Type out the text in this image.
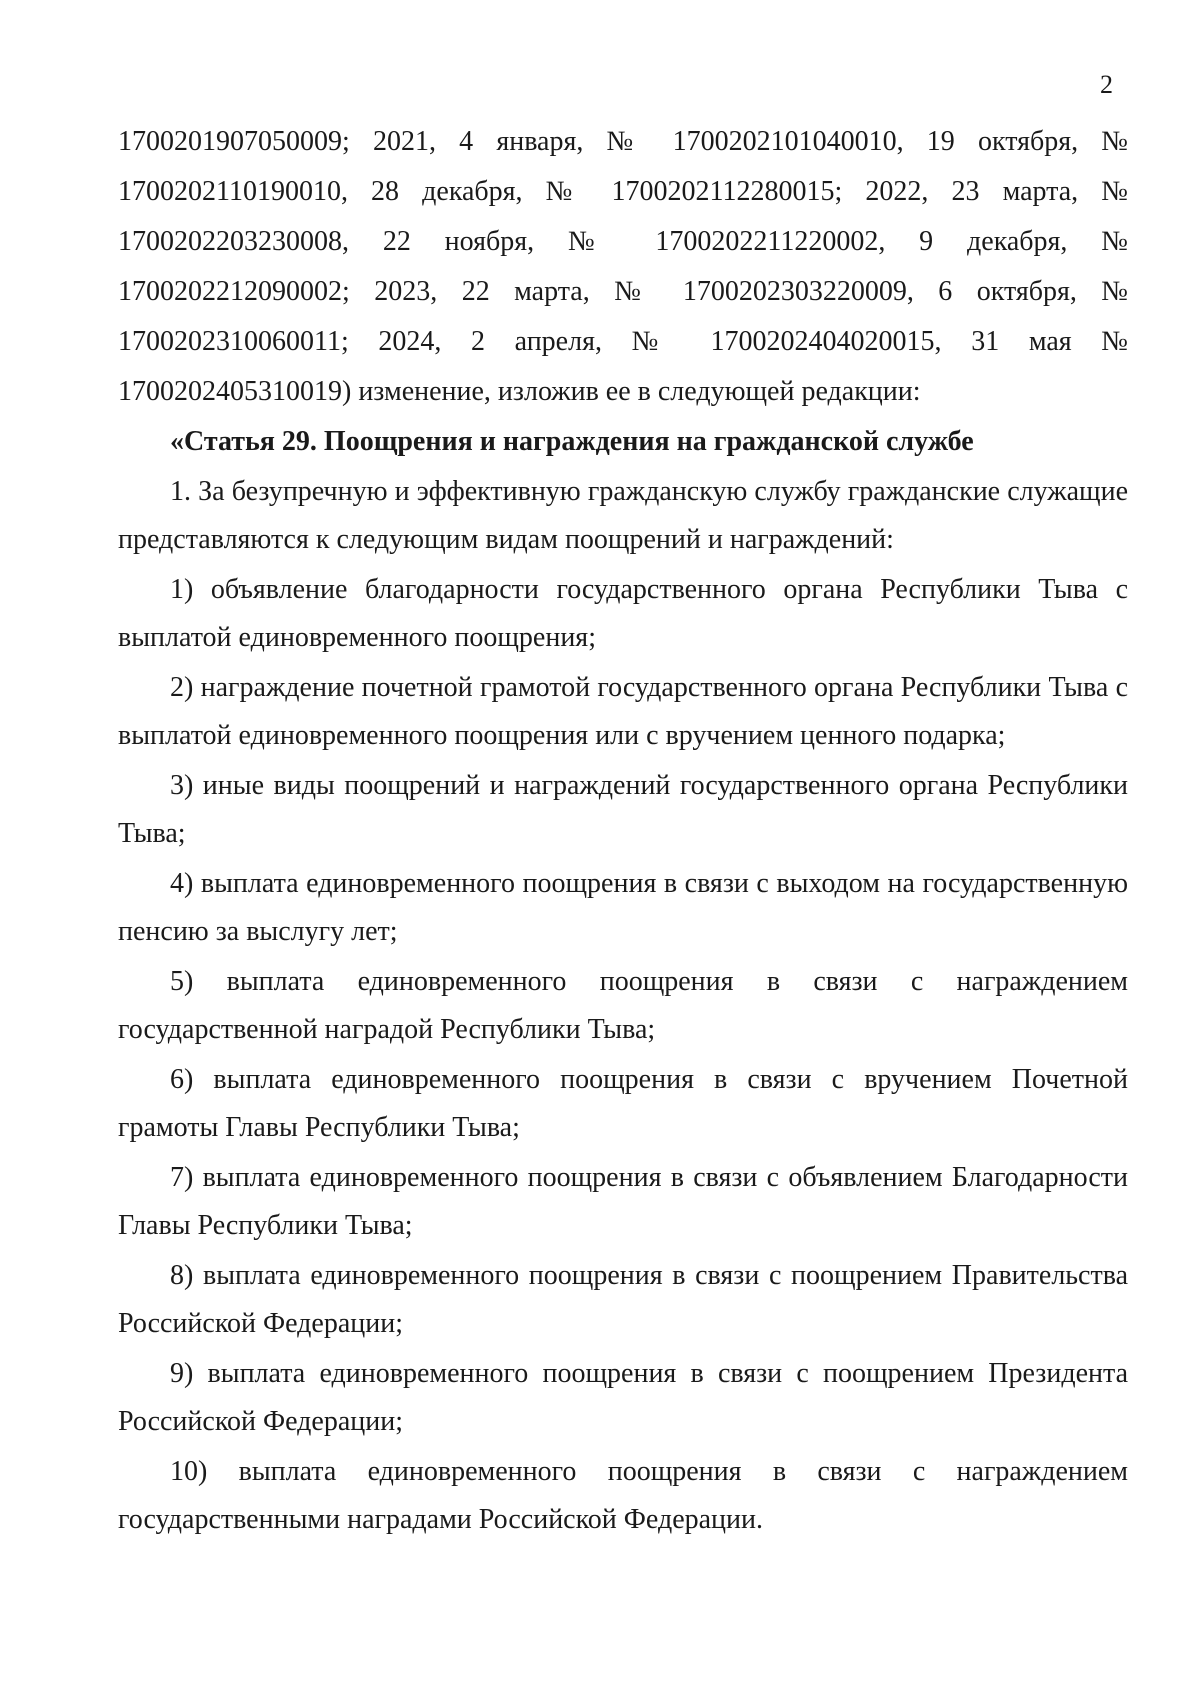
2

1700201907050009; 2021, 4 января, № 1700202101040010, 19 октября, №

1700202110190010, 28 декабря, № 1700202112280015; 2022, 23 марта, №

1700202203230008, 22 ноября, № 1700202211220002, 9 декабря, №

1700202212090002; 2023, 22 марта, № 1700202303220009, 6 октября, №

1700202310060011; 2024, 2 апреля, № 1700202404020015, 31 мая №

1700202405310019) изменение, изложив ее в следующей редакции:

«Статья 29. Поощрения и награждения на гражданской службе

1. За безупречную и эффективную гражданскую службу гражданские служащие представляются к следующим видам поощрений и награждений:

1) объявление благодарности государственного органа Республики Тыва с выплатой единовременного поощрения;

2) награждение почетной грамотой государственного органа Республики Тыва с выплатой единовременного поощрения или с вручением ценного подарка;

3) иные виды поощрений и награждений государственного органа Республики Тыва;

4) выплата единовременного поощрения в связи с выходом на государственную пенсию за выслугу лет;

5) выплата единовременного поощрения в связи с награждением государственной наградой Республики Тыва;

6) выплата единовременного поощрения в связи с вручением Почетной грамоты Главы Республики Тыва;

7) выплата единовременного поощрения в связи с объявлением Благодарности Главы Республики Тыва;

8) выплата единовременного поощрения в связи с поощрением Правительства Российской Федерации;

9) выплата единовременного поощрения в связи с поощрением Президента Российской Федерации;

10) выплата единовременного поощрения в связи с награждением государственными наградами Российской Федерации.
